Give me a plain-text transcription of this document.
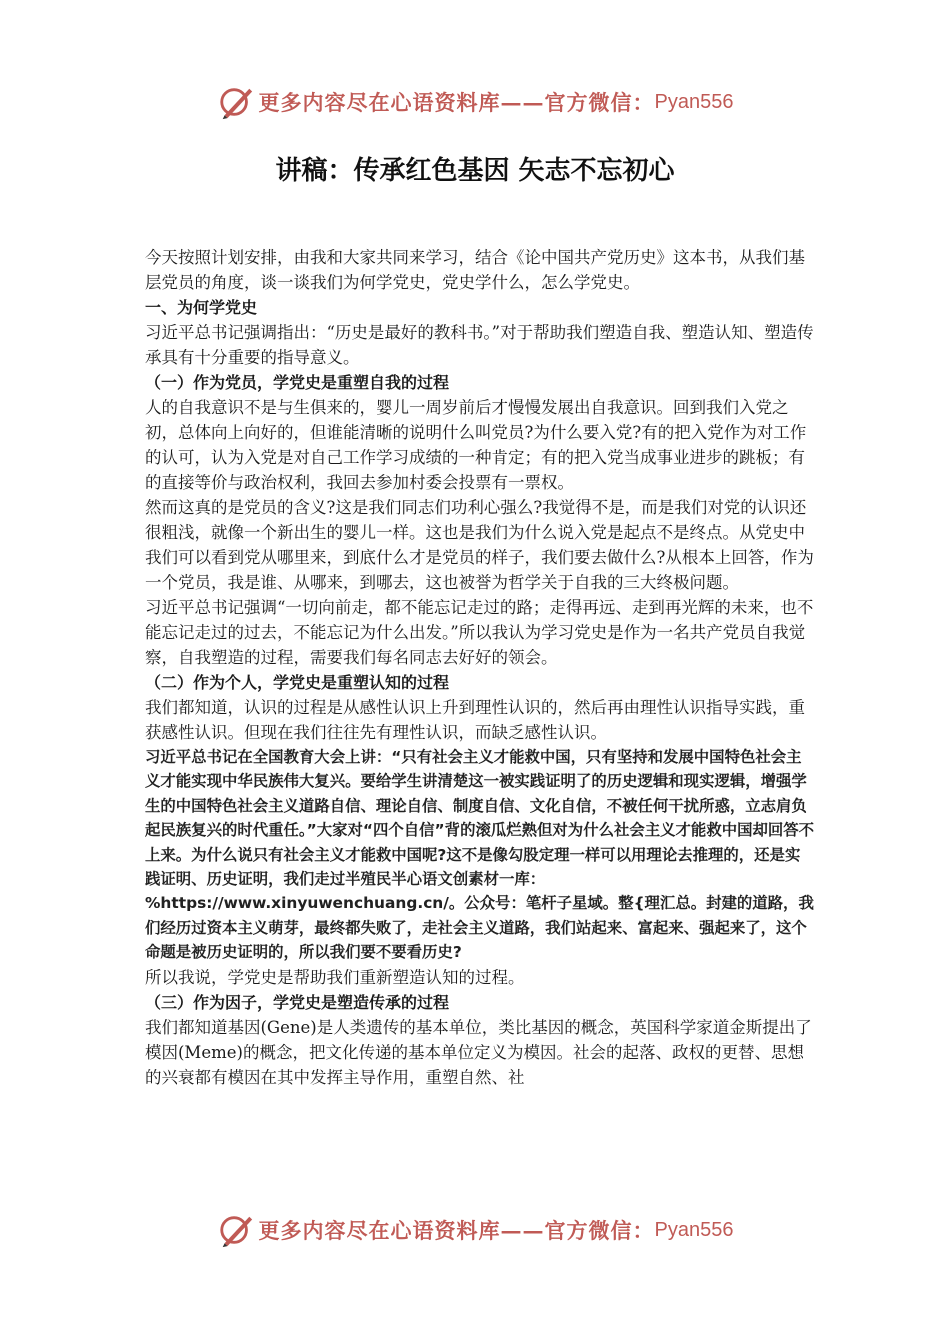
更多内容尽在心语资料库——官方微信： Pyan556
讲稿：传承红色基因 矢志不忘初心

今天按照计划安排，由我和大家共同来学习，结合《论中国共产党历史》这本书，从我们基层党员的角度，谈一谈我们为何学党史，党史学什么，怎么学党史。

一、为何学党史

习近平总书记强调指出：“历史是最好的教科书。”对于帮助我们塑造自我、塑造认知、塑造传承具有十分重要的指导意义。

（一）作为党员，学党史是重塑自我的过程

人的自我意识不是与生俱来的，婴儿一周岁前后才慢慢发展出自我意识。回到我们入党之初，总体向上向好的，但谁能清晰的说明什么叫党员?为什么要入党?有的把入党作为对工作的认可，认为入党是对自己工作学习成绩的一种肯定；有的把入党当成事业进步的跳板；有的直接等价与政治权利，我回去参加村委会投票有一票权。

然而这真的是党员的含义?这是我们同志们功利心强么?我觉得不是，而是我们对党的认识还很粗浅，就像一个新出生的婴儿一样。这也是我们为什么说入党是起点不是终点。从党史中我们可以看到党从哪里来，到底什么才是党员的样子，我们要去做什么?从根本上回答，作为一个党员，我是谁、从哪来，到哪去，这也被誉为哲学关于自我的三大终极问题。

习近平总书记强调“一切向前走，都不能忘记走过的路；走得再远、走到再光辉的未来，也不能忘记走过的过去，不能忘记为什么出发。”所以我认为学习党史是作为一名共产党员自我觉察，自我塑造的过程，需要我们每名同志去好好的领会。

（二）作为个人，学党史是重塑认知的过程

我们都知道，认识的过程是从感性认识上升到理性认识的，然后再由理性认识指导实践，重获感性认识。但现在我们往往先有理性认识，而缺乏感性认识。

习近平总书记在全国教育大会上讲：“只有社会主义才能救中国，只有坚持和发展中国特色社会主义才能实现中华民族伟大复兴。要给学生讲清楚这一被实践证明了的历史逻辑和现实逻辑，增强学生的中国特色社会主义道路自信、理论自信、制度自信、文化自信，不被任何干扰所惑，立志肩负起民族复兴的时代重任。”大家对“四个自信”背的滚瓜烂熟但对为什么社会主义才能救中国却回答不上来。为什么说只有社会主义才能救中国呢?这不是像勾股定理一样可以用理论去推理的，还是实践证明、历史证明，我们走过半殖民半心语文创素材一库：%https://www.xinyuwenchuang.cn/。公众号：笔杆子星域。整{理汇总。封建的道路，我们经历过资本主义萌芽，最终都失败了，走社会主义道路，我们站起来、富起来、强起来了，这个命题是被历史证明的，所以我们要不要看历史?

所以我说，学党史是帮助我们重新塑造认知的过程。

（三）作为因子，学党史是塑造传承的过程

我们都知道基因(Gene)是人类遗传的基本单位，类比基因的概念，英国科学家道金斯提出了模因(Meme)的概念，把文化传递的基本单位定义为模因。社会的起落、政权的更替、思想的兴衰都有模因在其中发挥主导作用，重塑自然、社

更多内容尽在心语资料库——官方微信： Pyan556
